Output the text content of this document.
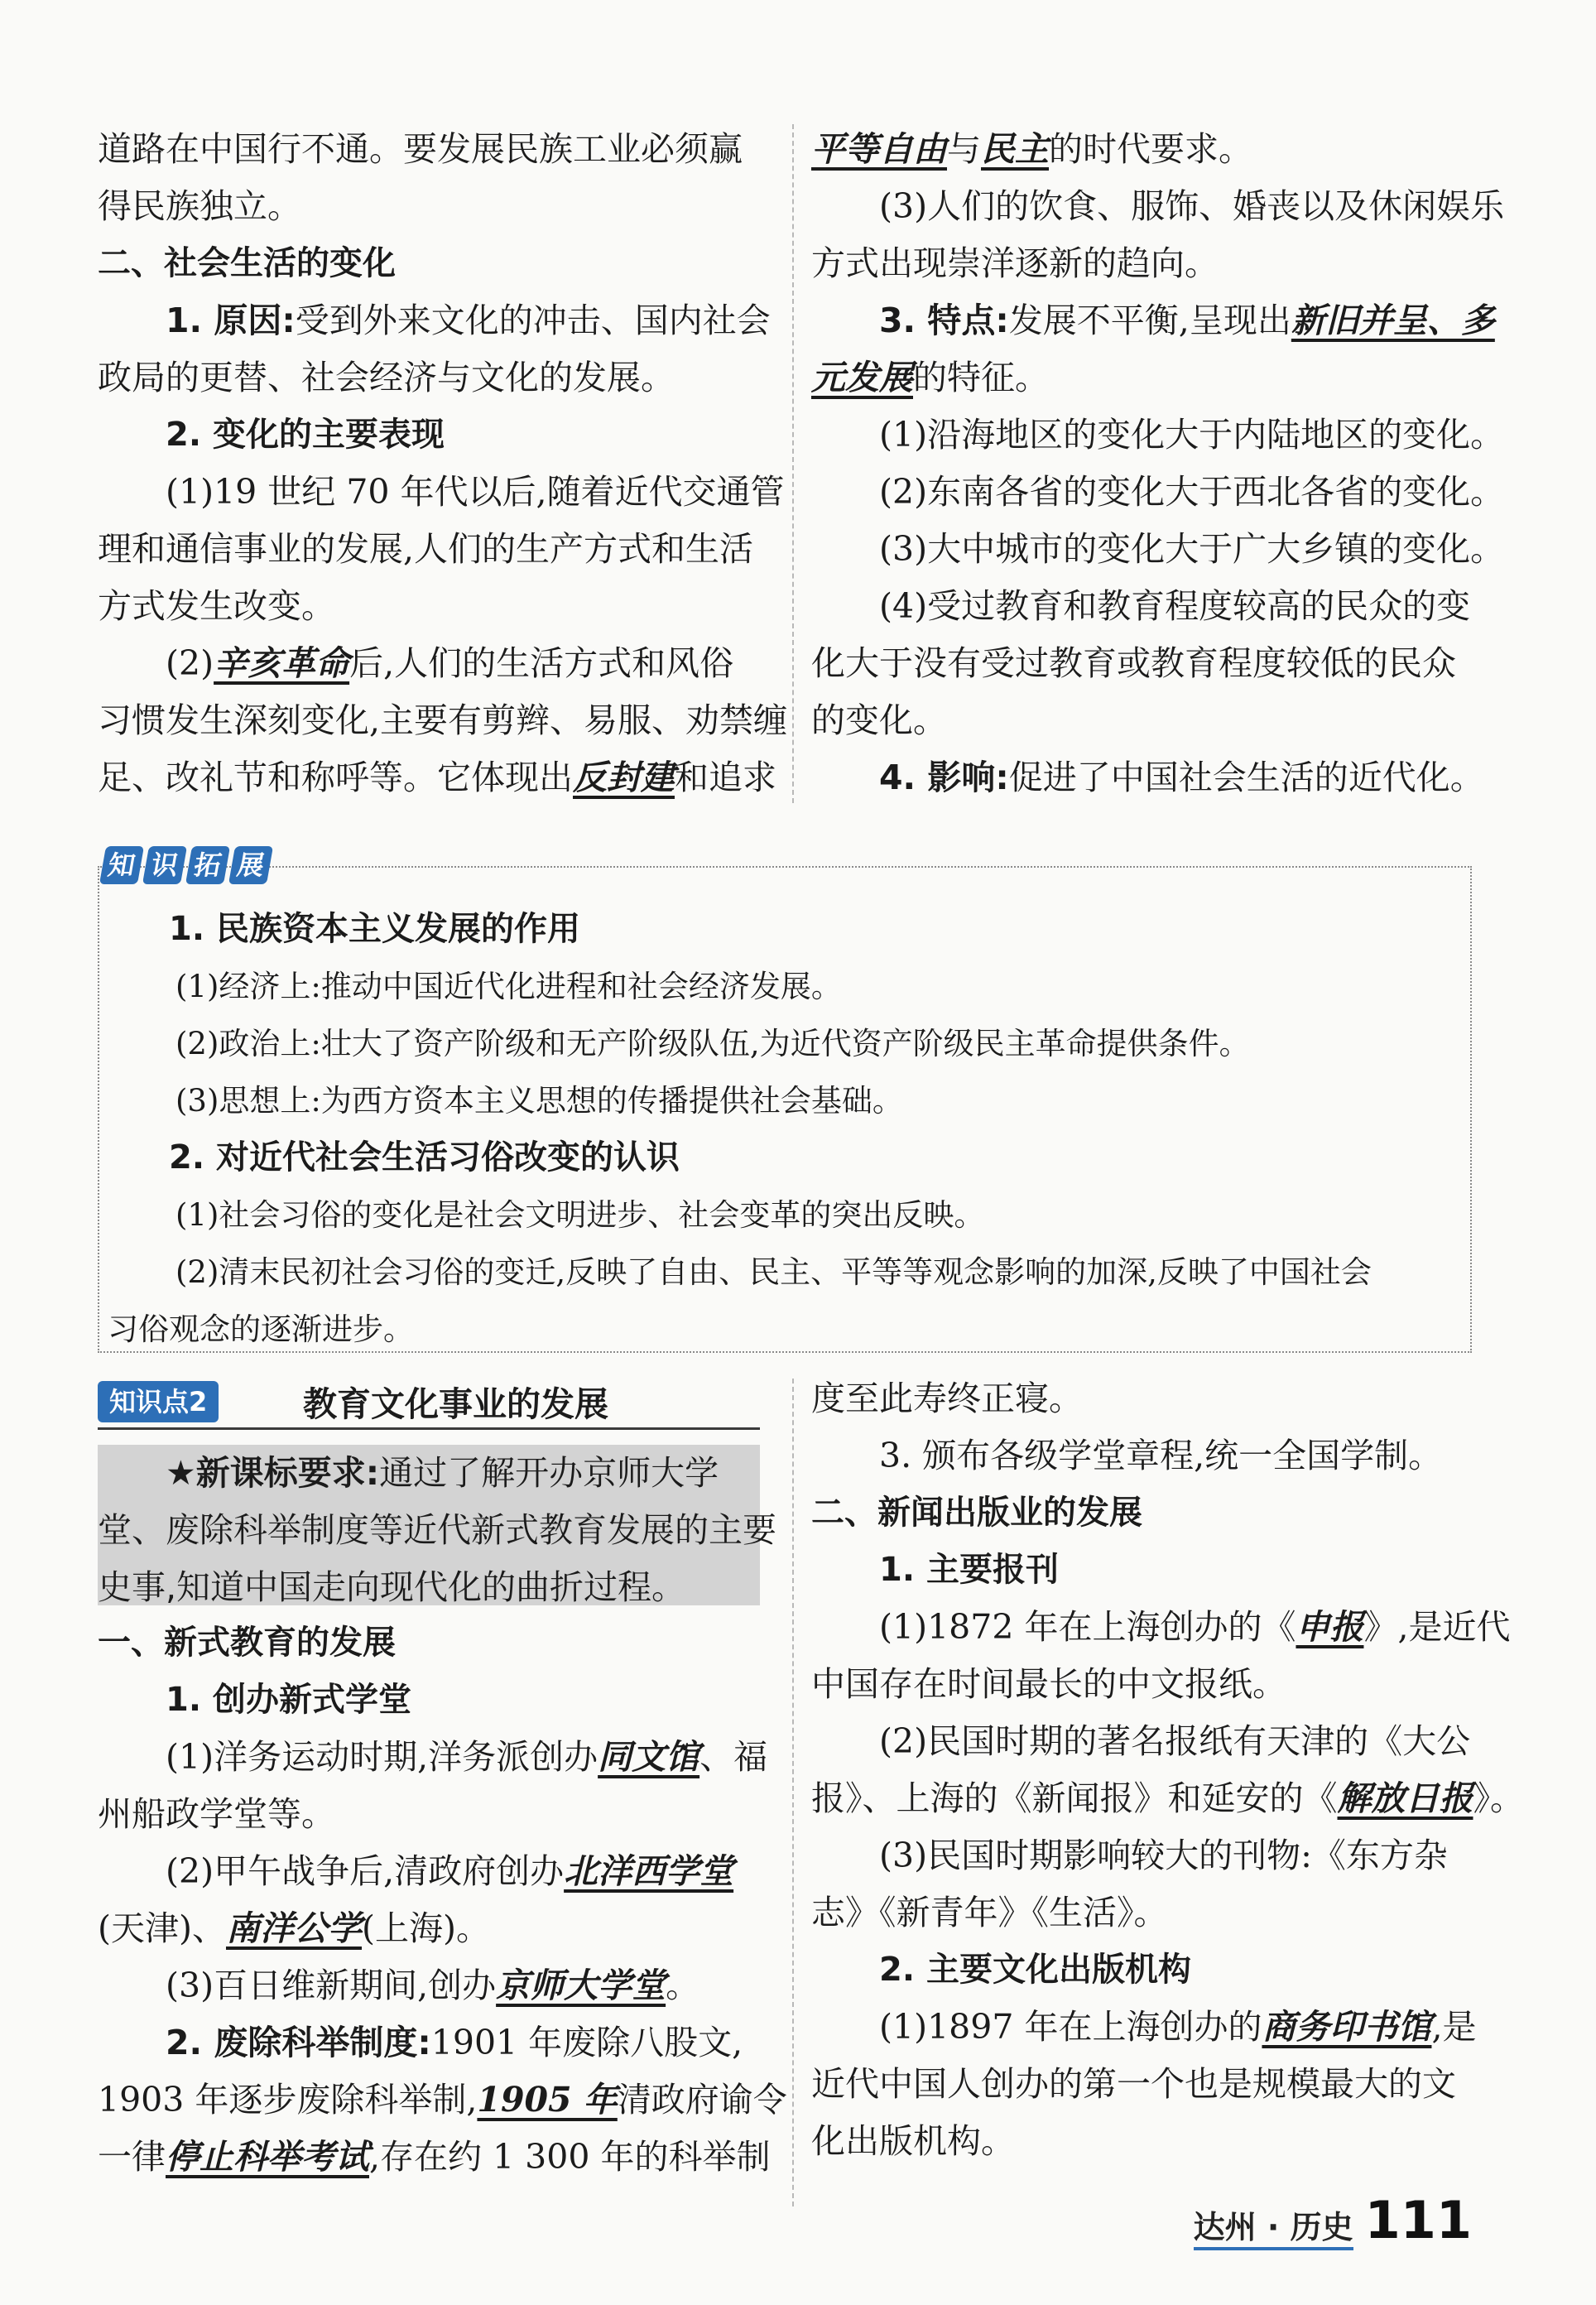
道路在中国行不通。要发展民族工业必须赢
得民族独立。
二、社会生活的变化
1. 原因:受到外来文化的冲击、国内社会
政局的更替、社会经济与文化的发展。
2. 变化的主要表现
(1)19 世纪 70 年代以后,随着近代交通管
理和通信事业的发展,人们的生产方式和生活
方式发生改变。
(2)辛亥革命后,人们的生活方式和风俗
习惯发生深刻变化,主要有剪辫、易服、劝禁缠
足、改礼节和称呼等。它体现出反封建和追求
平等自由与民主的时代要求。
(3)人们的饮食、服饰、婚丧以及休闲娱乐
方式出现崇洋逐新的趋向。
3. 特点:发展不平衡,呈现出新旧并呈、多
元发展的特征。
(1)沿海地区的变化大于内陆地区的变化。
(2)东南各省的变化大于西北各省的变化。
(3)大中城市的变化大于广大乡镇的变化。
(4)受过教育和教育程度较高的民众的变
化大于没有受过教育或教育程度较低的民众
的变化。
4. 影响:促进了中国社会生活的近代化。
知 识 拓 展
1. 民族资本主义发展的作用
(1)经济上:推动中国近代化进程和社会经济发展。
(2)政治上:壮大了资产阶级和无产阶级队伍,为近代资产阶级民主革命提供条件。
(3)思想上:为西方资本主义思想的传播提供社会基础。
2. 对近代社会生活习俗改变的认识
(1)社会习俗的变化是社会文明进步、社会变革的突出反映。
(2)清末民初社会习俗的变迁,反映了自由、民主、平等等观念影响的加深,反映了中国社会
习俗观念的逐渐进步。
知识点2	教育文化事业的发展
★新课标要求:通过了解开办京师大学
堂、废除科举制度等近代新式教育发展的主要
史事,知道中国走向现代化的曲折过程。
一、新式教育的发展
1. 创办新式学堂
(1)洋务运动时期,洋务派创办同文馆、福
州船政学堂等。
(2)甲午战争后,清政府创办北洋西学堂
(天津)、南洋公学(上海)。
(3)百日维新期间,创办京师大学堂。
2. 废除科举制度:1901 年废除八股文,
1903 年逐步废除科举制,1905 年清政府谕令
一律停止科举考试,存在约 1 300 年的科举制
度至此寿终正寝。
3. 颁布各级学堂章程,统一全国学制。
二、新闻出版业的发展
1. 主要报刊
(1)1872 年在上海创办的《申报》,是近代
中国存在时间最长的中文报纸。
(2)民国时期的著名报纸有天津的《大公
报》、上海的《新闻报》和延安的《解放日报》。
(3)民国时期影响较大的刊物:《东方杂
志》《新青年》《生活》。
2. 主要文化出版机构
(1)1897 年在上海创办的商务印书馆,是
近代中国人创办的第一个也是规模最大的文
化出版机构。
达州 · 历史 111
